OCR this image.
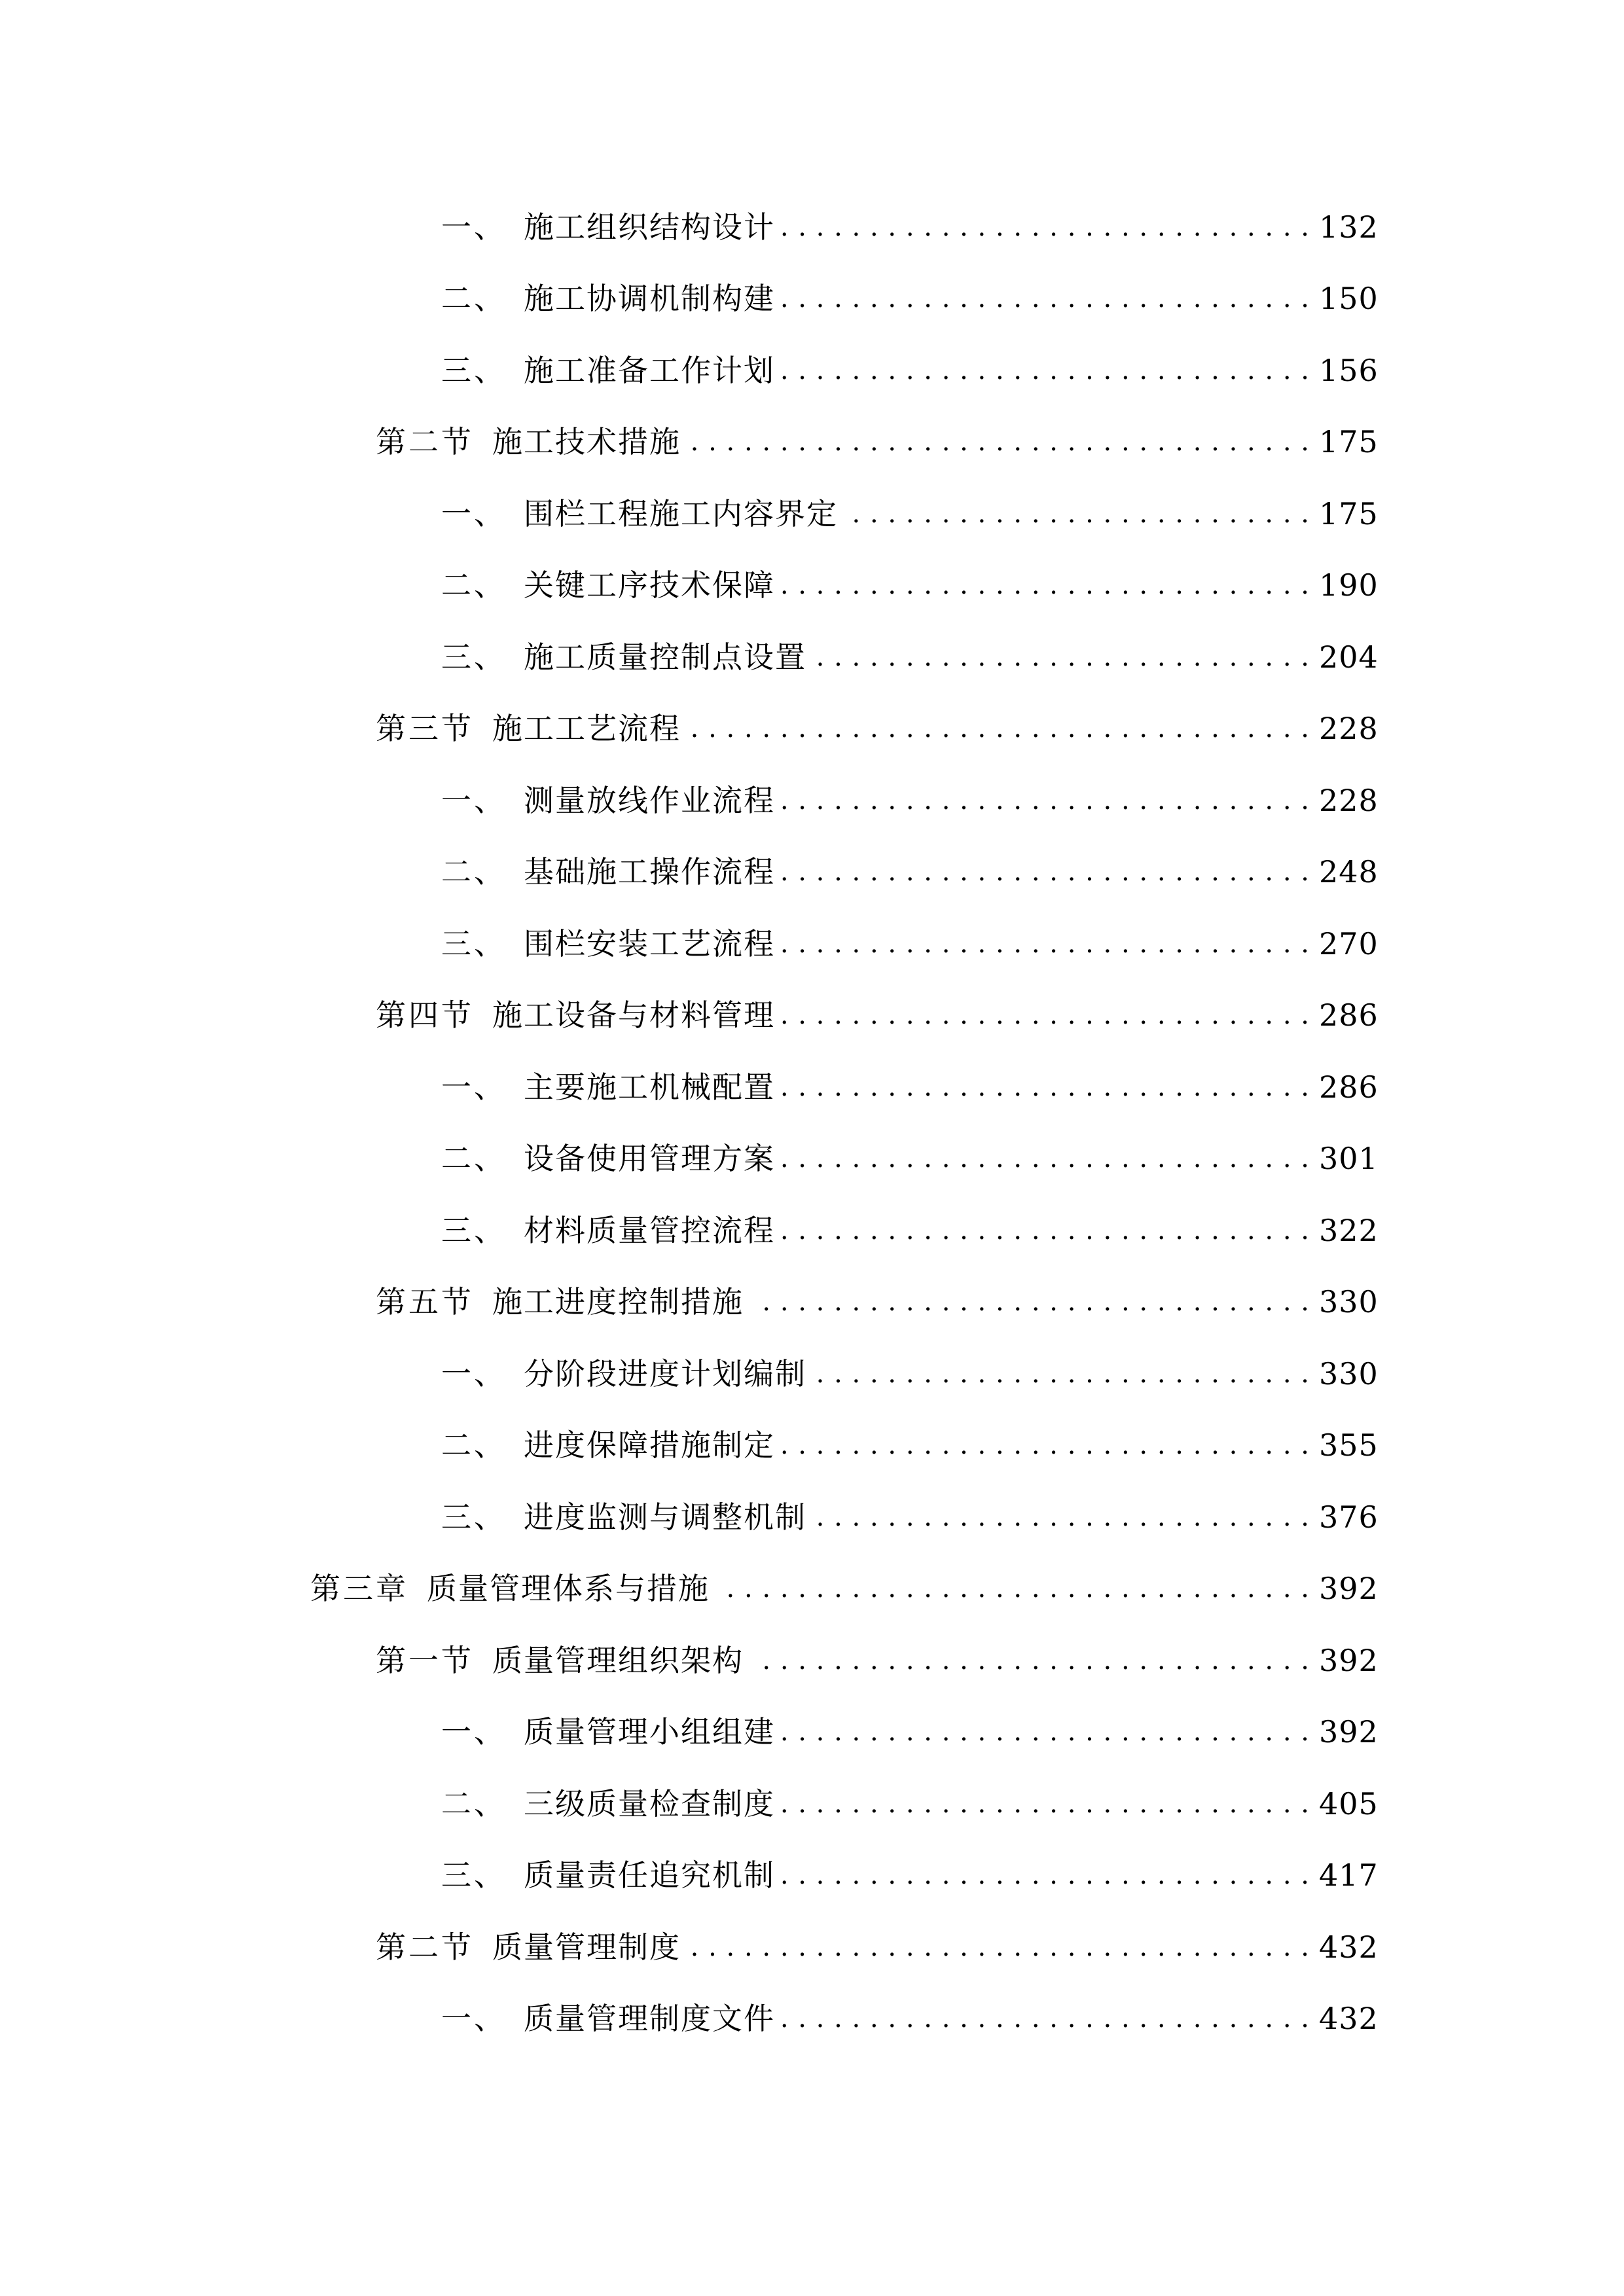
一、 施工组织结构设计 . . .	132
二、 施工协调机制构建 . . .	150
三、 施工准备工作计划 . . .	156
第二节 施工技术措施 . . .	175
一、 围栏工程施工内容界定 . . .	175
二、 关键工序技术保障 . . .	190
三、 施工质量控制点设置 . . .	204
第三节 施工工艺流程 . . .	228
一、 测量放线作业流程 . . .	228
二、 基础施工操作流程 . . .	248
三、 围栏安装工艺流程 . . .	270
第四节 施工设备与材料管理 . . .	286
一、 主要施工机械配置 . . .	286
二、 设备使用管理方案 . . .	301
三、 材料质量管控流程 . . .	322
第五节 施工进度控制措施 . . .	330
一、 分阶段进度计划编制 . . .	330
二、 进度保障措施制定 . . .	355
三、 进度监测与调整机制 . . .	376
第三章 质量管理体系与措施 . . .	392
第一节 质量管理组织架构 . . .	392
一、 质量管理小组组建 . . .	392
二、 三级质量检查制度 . . .	405
三、 质量责任追究机制 . . .	417
第二节 质量管理制度 . . .	432
一、 质量管理制度文件 . . .	432
